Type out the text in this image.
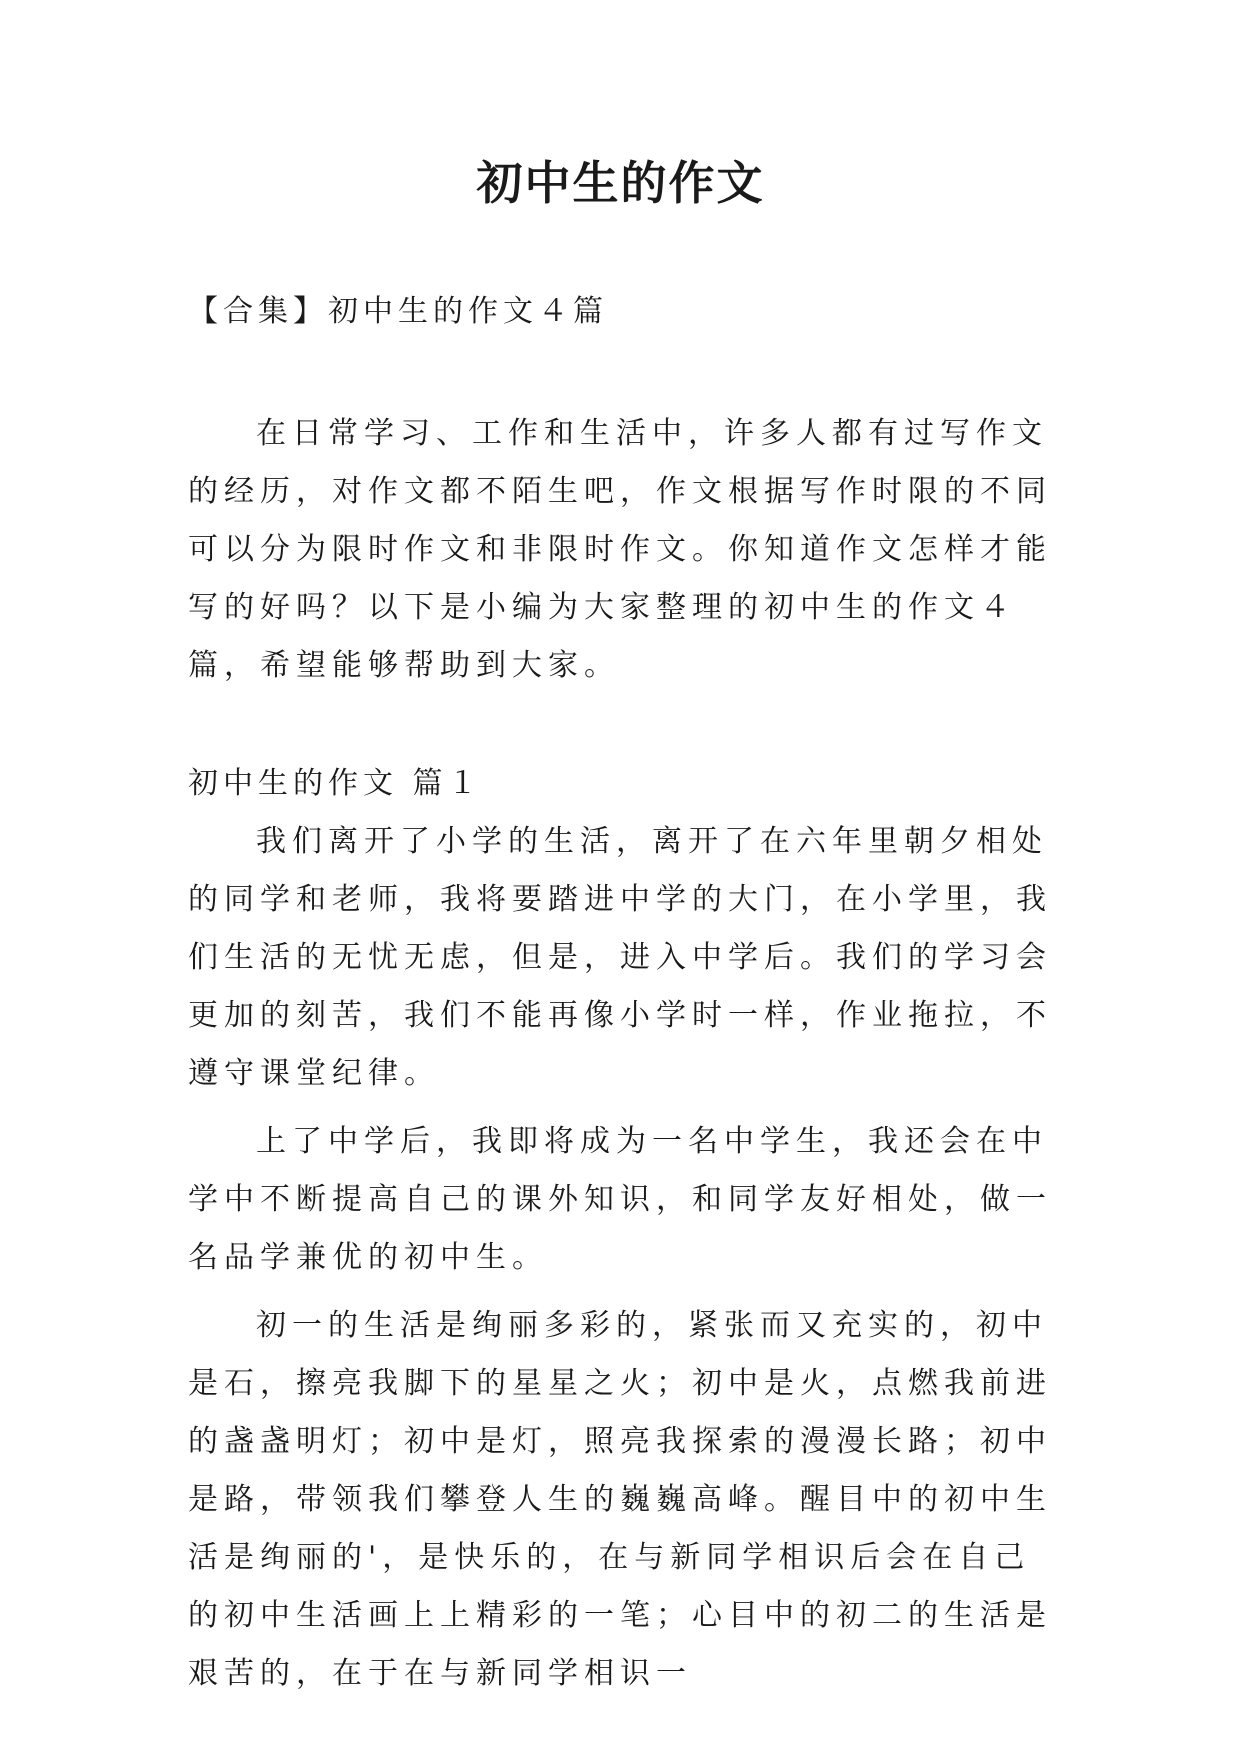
初中生的作文

【合集】初中生的作文４篇

在日常学习、工作和生活中，许多人都有过写作文的经历，对作文都不陌生吧，作文根据写作时限的不同可以分为限时作文和非限时作文。你知道作文怎样才能写的好吗？以下是小编为大家整理的初中生的作文４篇，希望能够帮助到大家。

初中生的作文 篇１

我们离开了小学的生活，离开了在六年里朝夕相处的同学和老师，我将要踏进中学的大门，在小学里，我们生活的无忧无虑，但是，进入中学后。我们的学习会更加的刻苦，我们不能再像小学时一样，作业拖拉，不遵守课堂纪律。

上了中学后，我即将成为一名中学生，我还会在中学中不断提高自己的课外知识，和同学友好相处，做一名品学兼优的初中生。

初一的生活是绚丽多彩的，紧张而又充实的，初中是石，擦亮我脚下的星星之火；初中是火，点燃我前进的盏盏明灯；初中是灯，照亮我探索的漫漫长路；初中是路，带领我们攀登人生的巍巍高峰。醒目中的初中生活是绚丽的'，是快乐的，在与新同学相识后会在自己的初中生活画上上精彩的一笔；心目中的初二的生活是艰苦的，在于在与新同学相识一
